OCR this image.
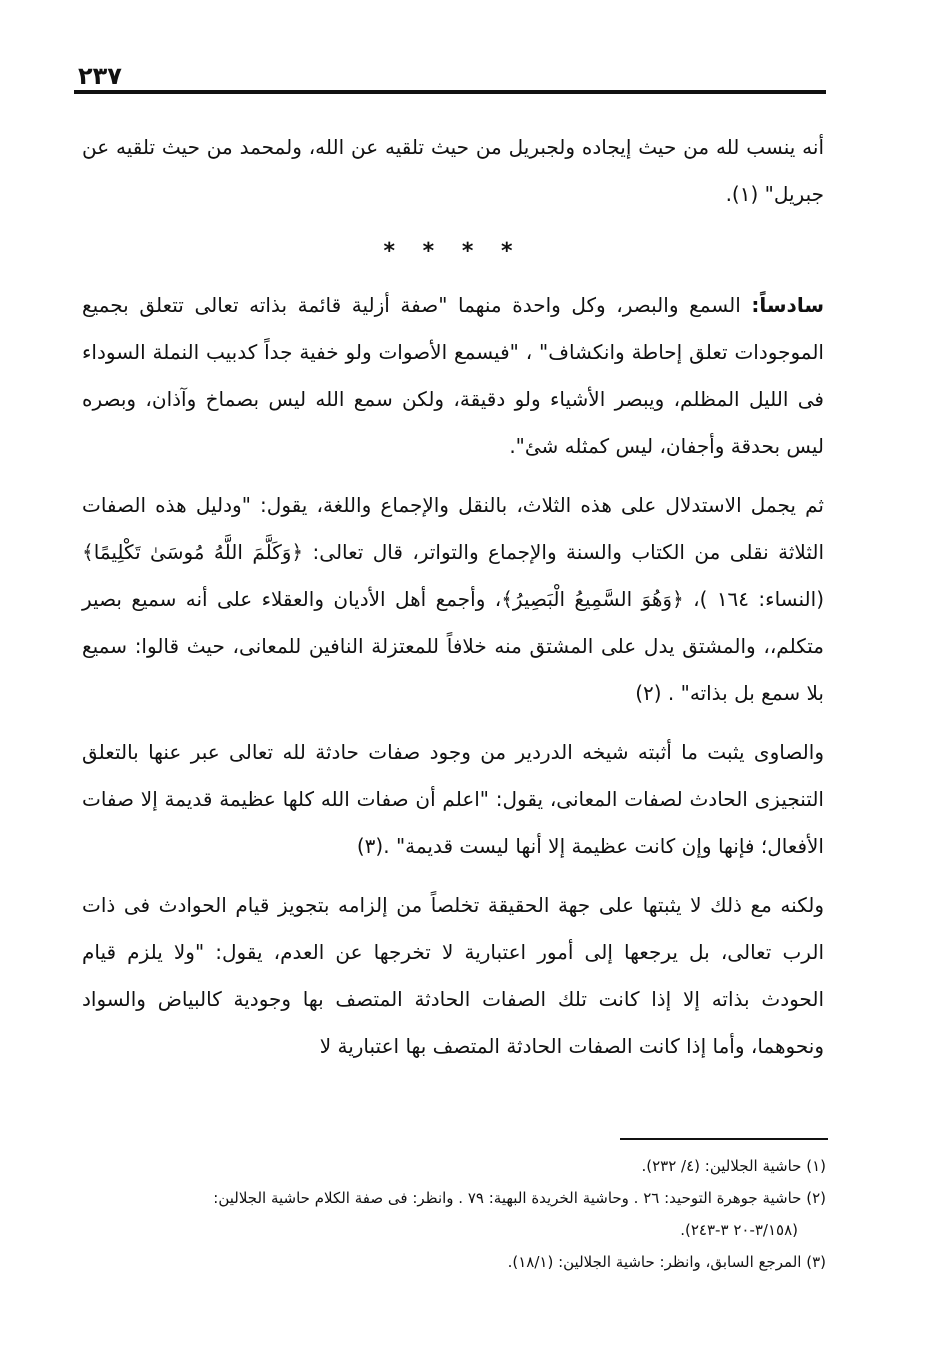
٢٣٧

أنه ينسب لله من حيث إيجاده ولجبريل من حيث تلقيه عن الله، ولمحمد من حيث تلقيه عن جبريل" (١).

* * * *

سادساً: السمع والبصر، وكل واحدة منهما "صفة أزلية قائمة بذاته تعالى تتعلق بجميع الموجودات تعلق إحاطة وانكشاف" ، "فيسمع الأصوات ولو خفية جداً كدبيب النملة السوداء فى الليل المظلم، ويبصر الأشياء ولو دقيقة، ولكن سمع الله ليس بصماخ وآذان، وبصره ليس بحدقة وأجفان، ليس كمثله شئ".

ثم يجمل الاستدلال على هذه الثلاث، بالنقل والإجماع واللغة، يقول: "ودليل هذه الصفات الثلاثة نقلى من الكتاب والسنة والإجماع والتواتر، قال تعالى: ﴿وَكَلَّمَ اللَّهُ مُوسَىٰ تَكْلِيمًا﴾ (النساء: ١٦٤ )، ﴿وَهُوَ السَّمِيعُ الْبَصِيرُ﴾، وأجمع أهل الأديان والعقلاء على أنه سميع بصير متكلم،، والمشتق يدل على المشتق منه خلافاً للمعتزلة النافين للمعانى، حيث قالوا: سميع بلا سمع بل بذاته" . (٢)

والصاوى يثبت ما أثبته شيخه الدردير من وجود صفات حادثة لله تعالى عبر عنها بالتعلق التنجيزى الحادث لصفات المعانى، يقول: "اعلم أن صفات الله كلها عظيمة قديمة إلا صفات الأفعال؛ فإنها وإن كانت عظيمة إلا أنها ليست قديمة" .(٣)

ولكنه مع ذلك لا يثبتها على جهة الحقيقة تخلصاً من إلزامه بتجويز قيام الحوادث فى ذات الرب تعالى، بل يرجعها إلى أمور اعتبارية لا تخرجها عن العدم، يقول: "ولا يلزم قيام الحودث بذاته إلا إذا كانت تلك الصفات الحادثة المتصف بها وجودية كالبياض والسواد ونحوهما، وأما إذا كانت الصفات الحادثة المتصف بها اعتبارية لا

(١) حاشية الجلالين: (٤/ ٢٣٢).

(٢) حاشية جوهرة التوحيد: ٢٦ . وحاشية الخريدة البهية: ٧٩ . وانظر: فى صفة الكلام حاشية الجلالين:

(٣/١٥٨-٢٠ ٣-٢٤٣).

(٣) المرجع السابق، وانظر: حاشية الجلالين: (١٨/١).
